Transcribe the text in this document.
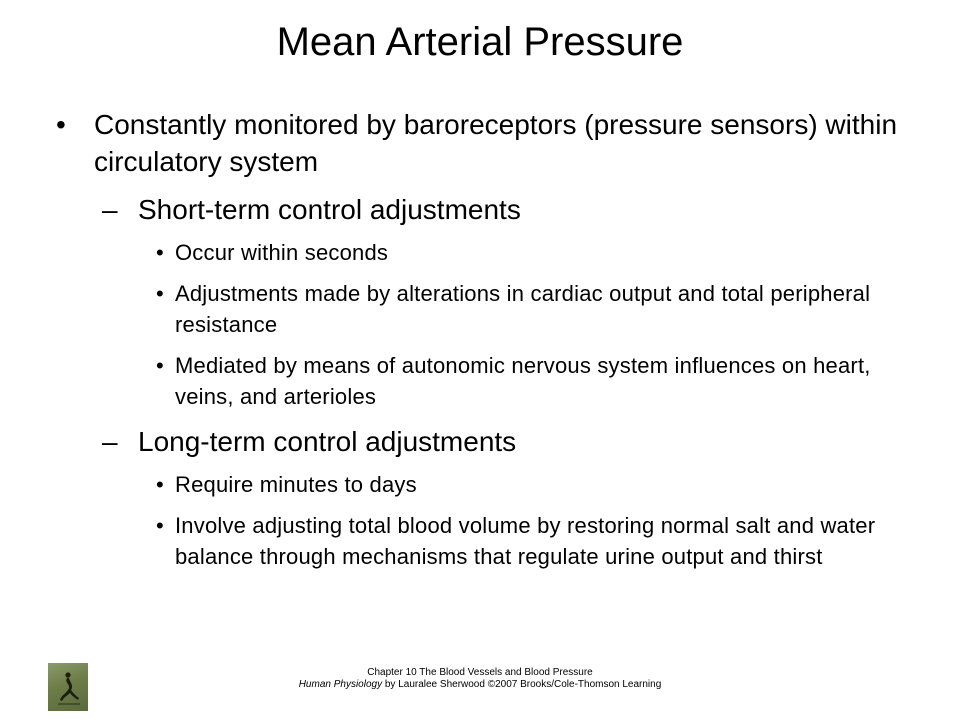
Mean Arterial Pressure
• Constantly monitored by baroreceptors (pressure sensors) within circulatory system
– Short-term control adjustments
• Occur within seconds
• Adjustments made by alterations in cardiac output and total peripheral resistance
• Mediated by means of autonomic nervous system influences on heart, veins, and arterioles
– Long-term control adjustments
• Require minutes to days
• Involve adjusting total blood volume by restoring normal salt and water balance through mechanisms that regulate urine output and thirst
Chapter 10 The Blood Vessels and Blood Pressure
Human Physiology by Lauralee Sherwood ©2007 Brooks/Cole-Thomson Learning
